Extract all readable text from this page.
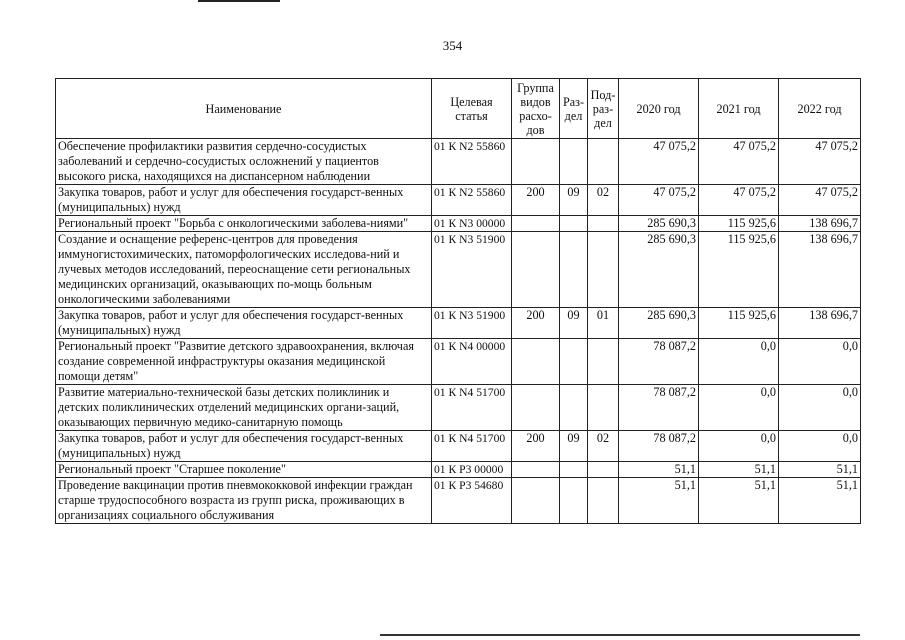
354
Наименование	Целевая статья	Группа видов расхо-дов	Раз-дел	Под-раз-дел	2020 год	2021 год	2022 год
Обеспечение профилактики развития сердечно-сосудистых заболеваний и сердечно-сосудистых осложнений у пациентов высокого риска, находящихся на диспансерном наблюдении	01 К N2 55860				47 075,2	47 075,2	47 075,2
Закупка товаров, работ и услуг для обеспечения государст-венных (муниципальных) нужд	01 К N2 55860	200	09	02	47 075,2	47 075,2	47 075,2
Региональный проект "Борьба с онкологическими заболева-ниями"	01 К N3 00000				285 690,3	115 925,6	138 696,7
Создание и оснащение референс-центров для проведения иммуногистохимических, патоморфологических исследова-ний и лучевых методов исследований, переоснащение сети региональных медицинских организаций, оказывающих по-мощь больным онкологическими заболеваниями	01 К N3 51900				285 690,3	115 925,6	138 696,7
Закупка товаров, работ и услуг для обеспечения государст-венных (муниципальных) нужд	01 К N3 51900	200	09	01	285 690,3	115 925,6	138 696,7
Региональный проект "Развитие детского здравоохранения, включая создание современной инфраструктуры оказания медицинской помощи детям"	01 К N4 00000				78 087,2	0,0	0,0
Развитие материально-технической базы детских поликлиник и детских поликлинических отделений медицинских органи-заций, оказывающих первичную медико-санитарную помощь	01 К N4 51700				78 087,2	0,0	0,0
Закупка товаров, работ и услуг для обеспечения государст-венных (муниципальных) нужд	01 К N4 51700	200	09	02	78 087,2	0,0	0,0
Региональный проект "Старшее поколение"	01 К P3 00000				51,1	51,1	51,1
Проведение вакцинации против пневмококковой инфекции граждан старше трудоспособного возраста из групп риска, проживающих в организациях социального обслуживания	01 К P3 54680				51,1	51,1	51,1
